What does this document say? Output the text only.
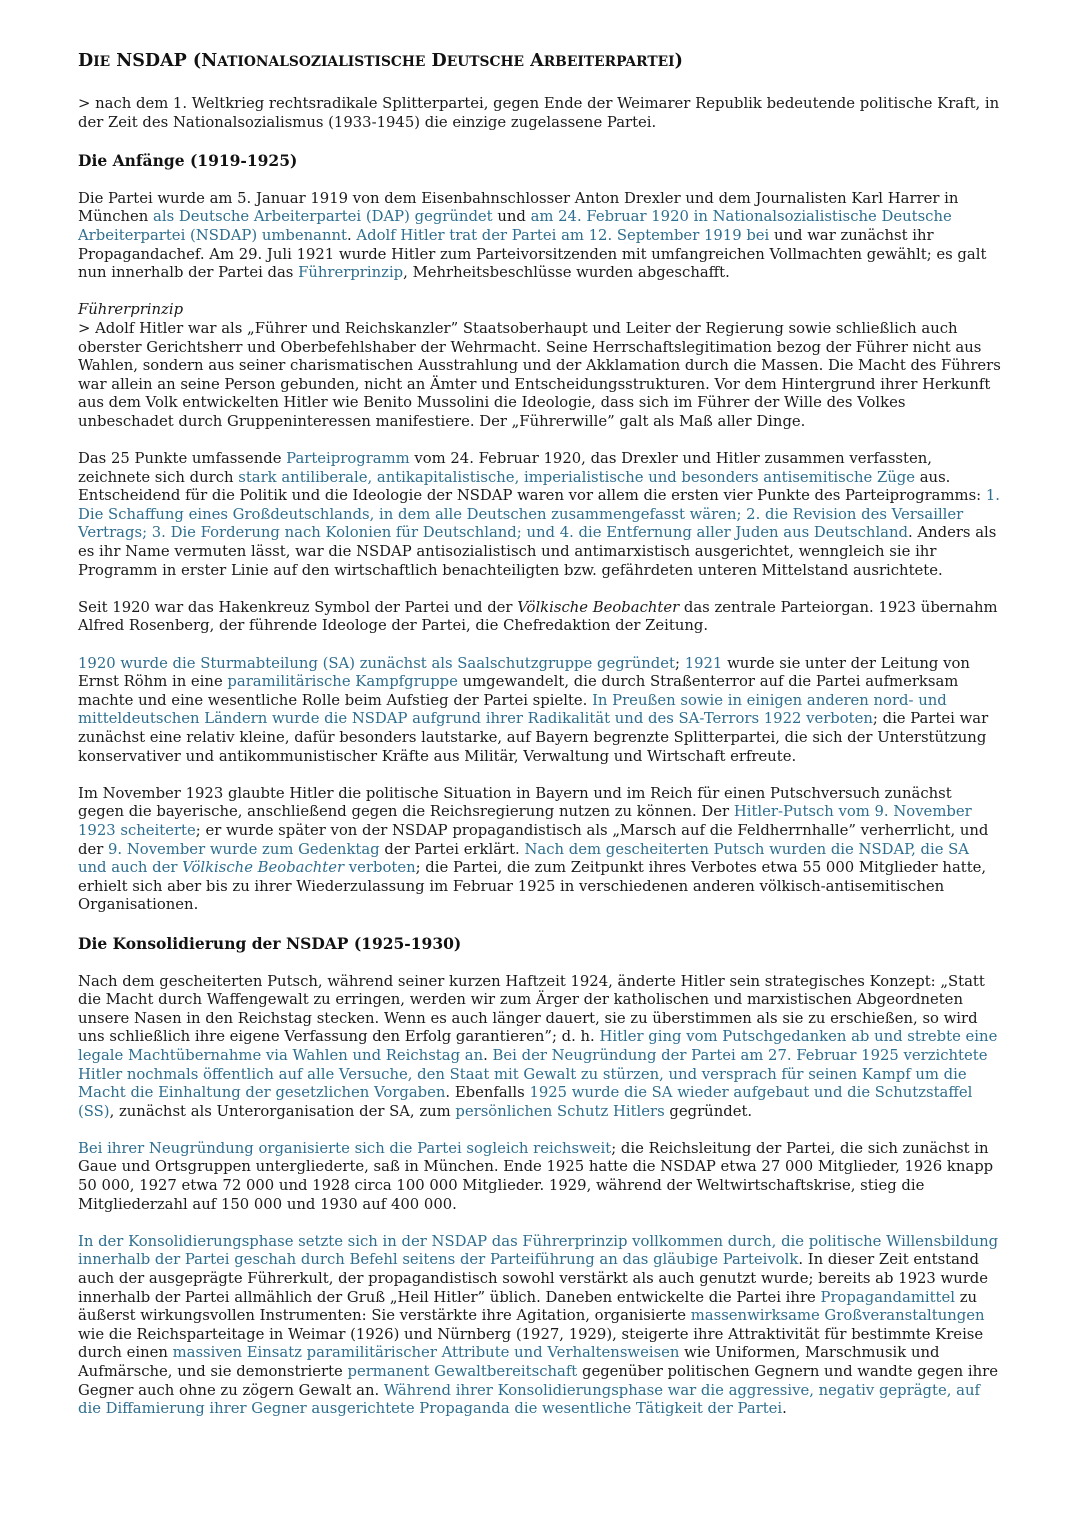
DIE NSDAP (NATIONALSOZIALISTISCHE DEUTSCHE ARBEITERPARTEI)

> nach dem 1. Weltkrieg rechtsradikale Splitterpartei, gegen Ende der Weimarer Republik bedeutende politische Kraft, in der Zeit des Nationalsozialismus (1933-1945) die einzige zugelassene Partei.

Die Anfänge (1919-1925)

Die Partei wurde am 5. Januar 1919 von dem Eisenbahnschlosser Anton Drexler und dem Journalisten Karl Harrer in München als Deutsche Arbeiterpartei (DAP) gegründet und am 24. Februar 1920 in Nationalsozialistische Deutsche Arbeiterpartei (NSDAP) umbenannt. Adolf Hitler trat der Partei am 12. September 1919 bei und war zunächst ihr Propagandachef. Am 29. Juli 1921 wurde Hitler zum Parteivorsitzenden mit umfangreichen Vollmachten gewählt; es galt nun innerhalb der Partei das Führerprinzip, Mehrheitsbeschlüsse wurden abgeschafft.

Führerprinzip

> Adolf Hitler war als „Führer und Reichskanzler” Staatsoberhaupt und Leiter der Regierung sowie schließlich auch oberster Gerichtsherr und Oberbefehlshaber der Wehrmacht. Seine Herrschaftslegitimation bezog der Führer nicht aus Wahlen, sondern aus seiner charismatischen Ausstrahlung und der Akklamation durch die Massen. Die Macht des Führers war allein an seine Person gebunden, nicht an Ämter und Entscheidungsstrukturen. Vor dem Hintergrund ihrer Herkunft aus dem Volk entwickelten Hitler wie Benito Mussolini die Ideologie, dass sich im Führer der Wille des Volkes unbeschadet durch Gruppeninteressen manifestiere. Der „Führerwille” galt als Maß aller Dinge.

Das 25 Punkte umfassende Parteiprogramm vom 24. Februar 1920, das Drexler und Hitler zusammen verfassten, zeichnete sich durch stark antiliberale, antikapitalistische, imperialistische und besonders antisemitische Züge aus. Entscheidend für die Politik und die Ideologie der NSDAP waren vor allem die ersten vier Punkte des Parteiprogramms: 1. Die Schaffung eines Großdeutschlands, in dem alle Deutschen zusammengefasst wären; 2. die Revision des Versailler Vertrags; 3. Die Forderung nach Kolonien für Deutschland; und 4. die Entfernung aller Juden aus Deutschland. Anders als es ihr Name vermuten lässt, war die NSDAP antisozialistisch und antimarxistisch ausgerichtet, wenngleich sie ihr Programm in erster Linie auf den wirtschaftlich benachteiligten bzw. gefährdeten unteren Mittelstand ausrichtete.

Seit 1920 war das Hakenkreuz Symbol der Partei und der Völkische Beobachter das zentrale Parteiorgan. 1923 übernahm Alfred Rosenberg, der führende Ideologe der Partei, die Chefredaktion der Zeitung.

1920 wurde die Sturmabteilung (SA) zunächst als Saalschutzgruppe gegründet; 1921 wurde sie unter der Leitung von Ernst Röhm in eine paramilitärische Kampfgruppe umgewandelt, die durch Straßenterror auf die Partei aufmerksam machte und eine wesentliche Rolle beim Aufstieg der Partei spielte. In Preußen sowie in einigen anderen nord- und mitteldeutschen Ländern wurde die NSDAP aufgrund ihrer Radikalität und des SA-Terrors 1922 verboten; die Partei war zunächst eine relativ kleine, dafür besonders lautstarke, auf Bayern begrenzte Splitterpartei, die sich der Unterstützung konservativer und antikommunistischer Kräfte aus Militär, Verwaltung und Wirtschaft erfreute.

Im November 1923 glaubte Hitler die politische Situation in Bayern und im Reich für einen Putschversuch zunächst gegen die bayerische, anschließend gegen die Reichsregierung nutzen zu können. Der Hitler-Putsch vom 9. November 1923 scheiterte; er wurde später von der NSDAP propagandistisch als „Marsch auf die Feldherrnhalle” verherrlicht, und der 9. November wurde zum Gedenktag der Partei erklärt. Nach dem gescheiterten Putsch wurden die NSDAP, die SA und auch der Völkische Beobachter verboten; die Partei, die zum Zeitpunkt ihres Verbotes etwa 55 000 Mitglieder hatte, erhielt sich aber bis zu ihrer Wiederzulassung im Februar 1925 in verschiedenen anderen völkisch-antisemitischen Organisationen.

Die Konsolidierung der NSDAP (1925-1930)

Nach dem gescheiterten Putsch, während seiner kurzen Haftzeit 1924, änderte Hitler sein strategisches Konzept: „Statt die Macht durch Waffengewalt zu erringen, werden wir zum Ärger der katholischen und marxistischen Abgeordneten unsere Nasen in den Reichstag stecken. Wenn es auch länger dauert, sie zu überstimmen als sie zu erschießen, so wird uns schließlich ihre eigene Verfassung den Erfolg garantieren”; d. h. Hitler ging vom Putschgedanken ab und strebte eine legale Machtübernahme via Wahlen und Reichstag an. Bei der Neugründung der Partei am 27. Februar 1925 verzichtete Hitler nochmals öffentlich auf alle Versuche, den Staat mit Gewalt zu stürzen, und versprach für seinen Kampf um die Macht die Einhaltung der gesetzlichen Vorgaben. Ebenfalls 1925 wurde die SA wieder aufgebaut und die Schutzstaffel (SS), zunächst als Unterorganisation der SA, zum persönlichen Schutz Hitlers gegründet.

Bei ihrer Neugründung organisierte sich die Partei sogleich reichsweit; die Reichsleitung der Partei, die sich zunächst in Gaue und Ortsgruppen untergliederte, saß in München. Ende 1925 hatte die NSDAP etwa 27 000 Mitglieder, 1926 knapp 50 000, 1927 etwa 72 000 und 1928 circa 100 000 Mitglieder. 1929, während der Weltwirtschaftskrise, stieg die Mitgliederzahl auf 150 000 und 1930 auf 400 000.

In der Konsolidierungsphase setzte sich in der NSDAP das Führerprinzip vollkommen durch, die politische Willensbildung innerhalb der Partei geschah durch Befehl seitens der Parteiführung an das gläubige Parteivolk. In dieser Zeit entstand auch der ausgeprägte Führerkult, der propagandistisch sowohl verstärkt als auch genutzt wurde; bereits ab 1923 wurde innerhalb der Partei allmählich der Gruß „Heil Hitler” üblich. Daneben entwickelte die Partei ihre Propagandamittel zu äußerst wirkungsvollen Instrumenten: Sie verstärkte ihre Agitation, organisierte massenwirksame Großveranstaltungen wie die Reichsparteitage in Weimar (1926) und Nürnberg (1927, 1929), steigerte ihre Attraktivität für bestimmte Kreise durch einen massiven Einsatz paramilitärischer Attribute und Verhaltensweisen wie Uniformen, Marschmusik und Aufmärsche, und sie demonstrierte permanent Gewaltbereitschaft gegenüber politischen Gegnern und wandte gegen ihre Gegner auch ohne zu zögern Gewalt an. Während ihrer Konsolidierungsphase war die aggressive, negativ geprägte, auf die Diffamierung ihrer Gegner ausgerichtete Propaganda die wesentliche Tätigkeit der Partei.
